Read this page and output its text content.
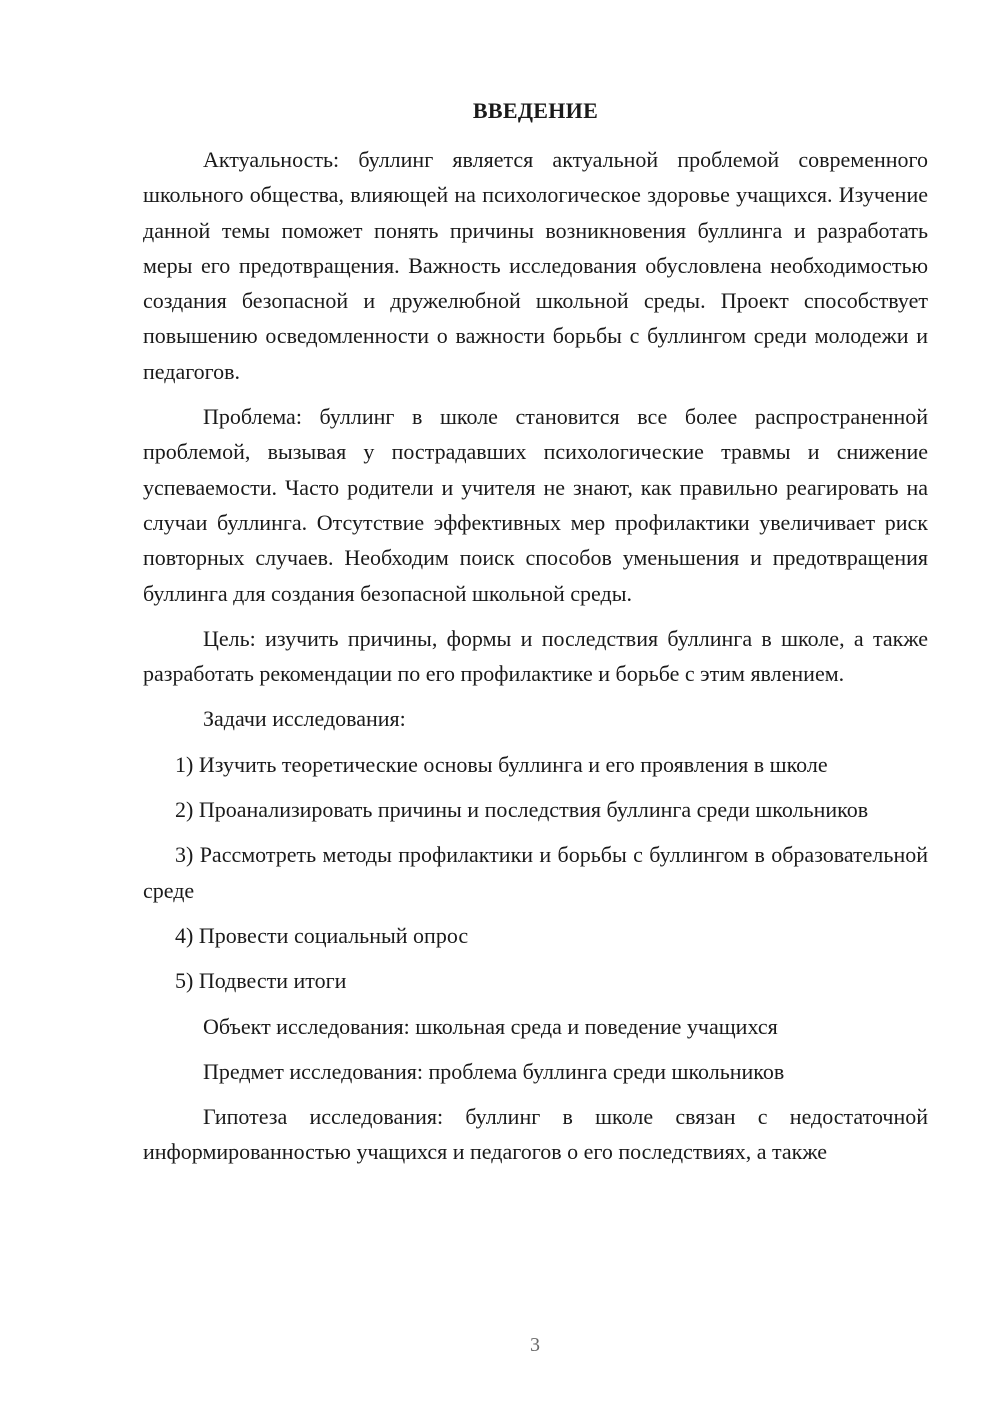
ВВЕДЕНИЕ

Актуальность: буллинг является актуальной проблемой современного школьного общества, влияющей на психологическое здоровье учащихся. Изучение данной темы поможет понять причины возникновения буллинга и разработать меры его предотвращения. Важность исследования обусловлена необходимостью создания безопасной и дружелюбной школьной среды. Проект способствует повышению осведомленности о важности борьбы с буллингом среди молодежи и педагогов.

Проблема: буллинг в школе становится все более распространенной проблемой, вызывая у пострадавших психологические травмы и снижение успеваемости. Часто родители и учителя не знают, как правильно реагировать на случаи буллинга. Отсутствие эффективных мер профилактики увеличивает риск повторных случаев. Необходим поиск способов уменьшения и предотвращения буллинга для создания безопасной школьной среды.

Цель: изучить причины, формы и последствия буллинга в школе, а также разработать рекомендации по его профилактике и борьбе с этим явлением.

Задачи исследования:

1) Изучить теоретические основы буллинга и его проявления в школе

2) Проанализировать причины и последствия буллинга среди школьников

3) Рассмотреть методы профилактики и борьбы с буллингом в образовательной среде

4) Провести социальный опрос

5) Подвести итоги

Объект исследования: школьная среда и поведение учащихся

Предмет исследования: проблема буллинга среди школьников

Гипотеза исследования: буллинг в школе связан с недостаточной информированностью учащихся и педагогов о его последствиях, а также

3
